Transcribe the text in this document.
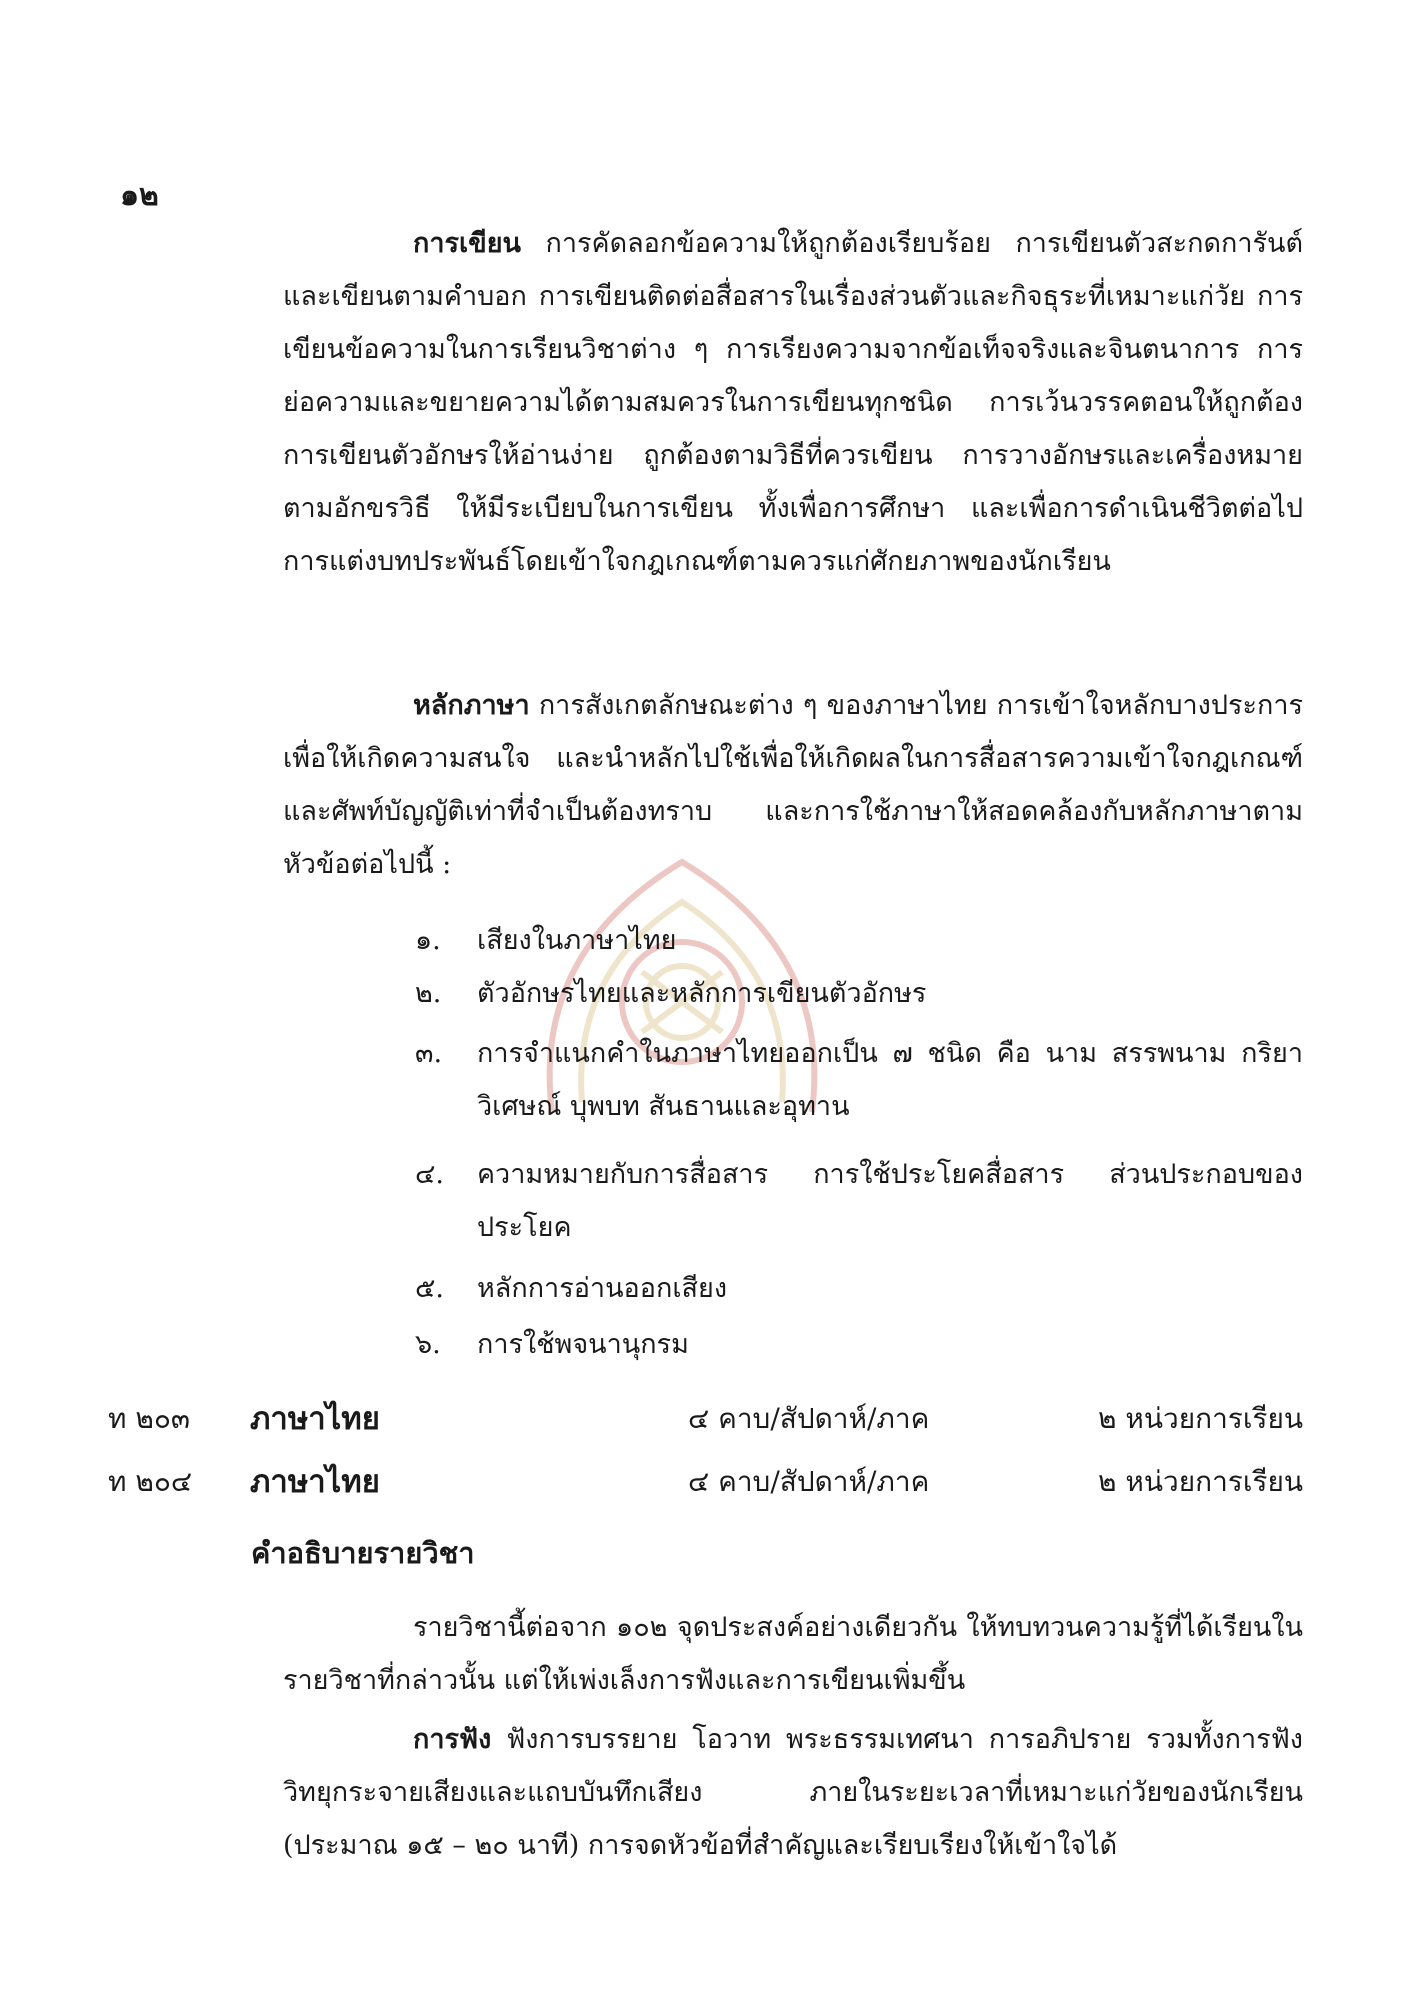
๑๒
การเขียน การคัดลอกข้อความให้ถูกต้องเรียบร้อย การเขียนตัวสะกดการันต์ และเขียนตามคำบอก การเขียนติดต่อสื่อสารในเรื่องส่วนตัวและกิจธุระที่เหมาะแก่วัย การเขียนข้อความในการเรียนวิชาต่าง ๆ การเรียงความจากข้อเท็จจริงและจินตนาการ การย่อความและขยายความได้ตามสมควรในการเขียนทุกชนิด การเว้นวรรคตอนให้ถูกต้อง การเขียนตัวอักษรให้อ่านง่าย ถูกต้องตามวิธีที่ควรเขียน การวางอักษรและเครื่องหมายตามอักขรวิธี ให้มีระเบียบในการเขียน ทั้งเพื่อการศึกษา และเพื่อการดำเนินชีวิตต่อไป การแต่งบทประพันธ์โดยเข้าใจกฎเกณฑ์ตามควรแก่ศักยภาพของนักเรียน
หลักภาษา การสังเกตลักษณะต่าง ๆ ของภาษาไทย การเข้าใจหลักบางประการ เพื่อให้เกิดความสนใจ และนำหลักไปใช้เพื่อให้เกิดผลในการสื่อสารความเข้าใจกฎเกณฑ์และศัพท์บัญญัติเท่าที่จำเป็นต้องทราบ และการใช้ภาษาให้สอดคล้องกับหลักภาษาตามหัวข้อต่อไปนี้ :
๑. เสียงในภาษาไทย
๒. ตัวอักษรไทยและหลักการเขียนตัวอักษร
๓.	การจำแนกคำในภาษาไทยออกเป็น ๗ ชนิด คือ นาม สรรพนาม กริยา วิเศษณ์ บุพบท สันธานและอุทาน
๔.	ความหมายกับการสื่อสาร การใช้ประโยคสื่อสาร ส่วนประกอบของประโยค
๕. หลักการอ่านออกเสียง
๖. การใช้พจนานุกรม
ท ๒๐๓ ภาษาไทย	๔ คาบ/สัปดาห์/ภาค	๒ หน่วยการเรียน
ท ๒๐๔ ภาษาไทย	๔ คาบ/สัปดาห์/ภาค	๒ หน่วยการเรียน
คำอธิบายรายวิชา
รายวิชานี้ต่อจาก ๑๐๒ จุดประสงค์อย่างเดียวกัน ให้ทบทวนความรู้ที่ได้เรียนในรายวิชาที่กล่าวนั้น แต่ให้เพ่งเล็งการฟังและการเขียนเพิ่มขึ้น
การฟัง ฟังการบรรยาย โอวาท พระธรรมเทศนา การอภิปราย รวมทั้งการฟังวิทยุกระจายเสียงและแถบบันทึกเสียง ภายในระยะเวลาที่เหมาะแก่วัยของนักเรียน (ประมาณ ๑๕ – ๒๐ นาที) การจดหัวข้อที่สำคัญและเรียบเรียงให้เข้าใจได้
